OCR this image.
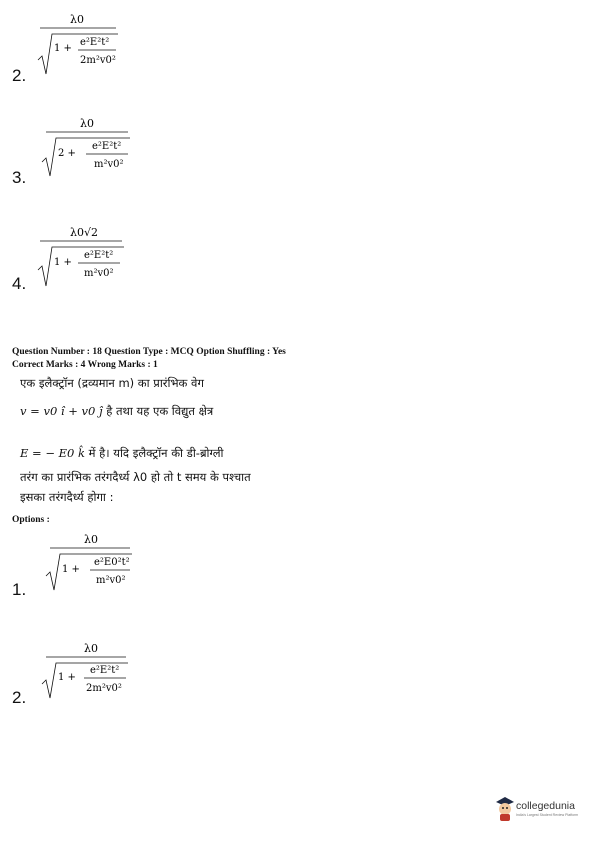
2.
λ0
1 +
e²E²t²
2m²v0²
3.
λ0
2 +
e²E²t²
m²v0²
4.
λ0√2
1 +
e²E²t²
m²v0²
Question Number : 18 Question Type : MCQ Option Shuffling : Yes
Correct Marks : 4 Wrong Marks : 1
एक इलैक्ट्रॉन (द्रव्यमान m) का प्रारंभिक वेग
v = v0 î + v0 ĵ है तथा यह एक विद्युत क्षेत्र
E = − E0 k̂ में है। यदि इलैक्ट्रॉन की डी-ब्रोग्ली
तरंग का प्रारंभिक तरंगदैर्ध्य λ0 हो तो t समय के पश्चात
इसका तरंगदैर्ध्य होगा :
Options :
1.
λ0
1 +
e²E0²t²
m²v0²
2.
λ0
1 +
e²E²t²
2m²v0²
collegedunia
India's Largest Student Review Platform
